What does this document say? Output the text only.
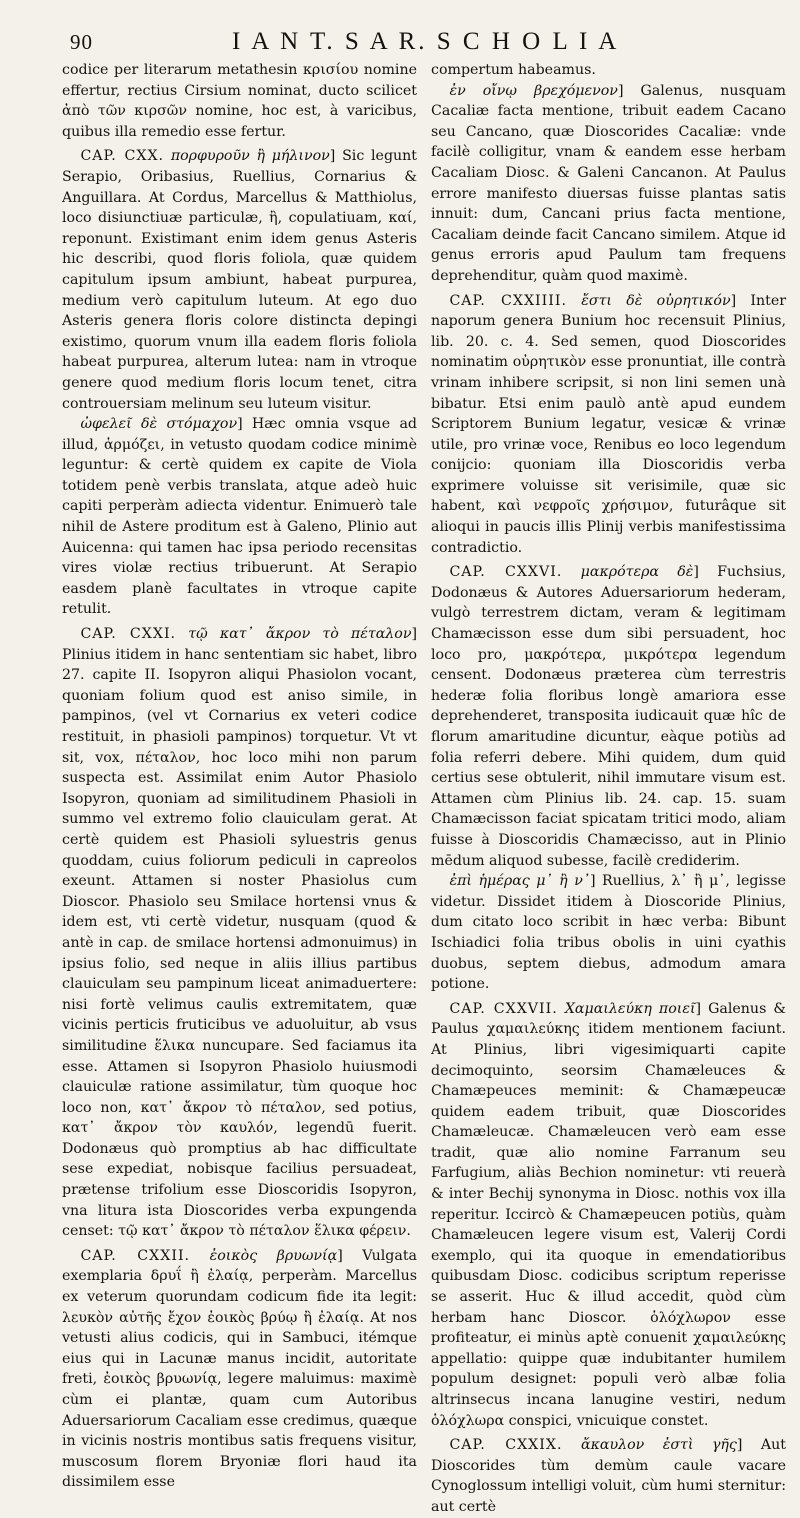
90	I A N T. S A R. S C H O L I A

codice per literarum metathesin κρισίου nomine effertur, rectius Cirsium nominat, ducto scilicet ἀπὸ τῶν κιρσῶν nomine, hoc est, à varicibus, quibus illa remedio esse fertur.

CAP. CXX. πορφυροῦν ἢ μήλινον] Sic legunt Serapio, Oribasius, Ruellius, Cornarius & Anguillara. At Cordus, Marcellus & Matthiolus, loco disiunctiuæ particulæ, ἢ, copulatiuam, καί, reponunt. Existimant enim idem genus Asteris hic describi, quod floris foliola, quæ quidem capitulum ipsum ambiunt, habeat purpurea, medium verò capitulum luteum. At ego duo Asteris genera floris colore distincta depingi existimo, quorum vnum illa eadem floris foliola habeat purpurea, alterum lutea: nam in vtroque genere quod medium floris locum tenet, citra controuersiam melinum seu luteum visitur.

ὠφελεῖ δὲ στόμαχον] Hæc omnia vsque ad illud, ἁρμόζει, in vetusto quodam codice minimè leguntur: & certè quidem ex capite de Viola totidem penè verbis translata, atque adeò huic capiti perperàm adiecta videntur. Enimuerò tale nihil de Astere proditum est à Galeno, Plinio aut Auicenna: qui tamen hac ipsa periodo recensitas vires violæ rectius tribuerunt. At Serapio easdem planè facultates in vtroque capite retulit.

CAP. CXXI. τῷ κατ᾽ ἄκρον τὸ πέταλον] Plinius itidem in hanc sententiam sic habet, libro 27. capite II. Isopyron aliqui Phasiolon vocant, quoniam folium quod est aniso simile, in pampinos, (vel vt Cornarius ex veteri codice restituit, in phasioli pampinos) torquetur. Vt vt sit, vox, πέταλον, hoc loco mihi non parum suspecta est. Assimilat enim Autor Phasiolo Isopyron, quoniam ad similitudinem Phasioli in summo vel extremo folio clauiculam gerat. At certè quidem est Phasioli syluestris genus quoddam, cuius foliorum pediculi in capreolos exeunt. Attamen si noster Phasiolus cum Dioscor. Phasiolo seu Smilace hortensi vnus & idem est, vti certè videtur, nusquam (quod & antè in cap. de smilace hortensi admonuimus) in ipsius folio, sed neque in aliis illius partibus clauiculam seu pampinum liceat animaduertere: nisi fortè velimus caulis extremitatem, quæ vicinis perticis fruticibus ve aduoluitur, ab vsus similitudine ἕλικα nuncupare. Sed faciamus ita esse. Attamen si Isopyron Phasiolo huiusmodi clauiculæ ratione assimilatur, tùm quoque hoc loco non, κατ᾽ ἄκρον τὸ πέταλον, sed potius, κατ᾽ ἄκρον τὸν καυλόν, legendū fuerit. Dodonæus quò promptius ab hac difficultate sese expediat, nobisque facilius persuadeat, prætense trifolium esse Dioscoridis Isopyron, vna litura ista Dioscorides verba expungenda censet: τῷ κατ᾽ ἄκρον τὸ πέταλον ἕλικα φέρειν.

CAP. CXXII. ἐοικὸς βρυωνίᾳ] Vulgata exemplaria δρυΐ ἢ ἐλαίᾳ, perperàm. Marcellus ex veterum quorundam codicum fide ita legit: λευκὸν αὐτῆς ἔχον ἐοικὸς βρύῳ ἢ ἐλαίᾳ. At nos vetusti alius codicis, qui in Sambuci, itémque eius qui in Lacunæ manus incidit, autoritate freti, ἐοικὸς βρυωνίᾳ, legere maluimus: maximè cùm ei plantæ, quam cum Autoribus Aduersariorum Cacaliam esse credimus, quæque in vicinis nostris montibus satis frequens visitur, muscosum florem Bryoniæ flori haud ita dissimilem esse

compertum habeamus.

ἐν οἴνῳ βρεχόμενον] Galenus, nusquam Cacaliæ facta mentione, tribuit eadem Cacano seu Cancano, quæ Dioscorides Cacaliæ: vnde facilè colligitur, vnam & eandem esse herbam Cacaliam Diosc. & Galeni Cancanon. At Paulus errore manifesto diuersas fuisse plantas satis innuit: dum, Cancani prius facta mentione, Cacaliam deinde facit Cancano similem. Atque id genus erroris apud Paulum tam frequens deprehenditur, quàm quod maximè.

CAP. CXXIIII. ἔστι δὲ οὐρητικόν] Inter naporum genera Bunium hoc recensuit Plinius, lib. 20. c. 4. Sed semen, quod Dioscorides nominatim οὐρητικὸν esse pronuntiat, ille contrà vrinam inhibere scripsit, si non lini semen unà bibatur. Etsi enim paulò antè apud eundem Scriptorem Bunium legatur, vesicæ & vrinæ utile, pro vrinæ voce, Renibus eo loco legendum conijcio: quoniam illa Dioscoridis verba exprimere voluisse sit verisimile, quæ sic habent, καὶ νεφροῖς χρήσιμον, futurâque sit alioqui in paucis illis Plinij verbis manifestissima contradictio.

CAP. CXXVI. μακρότερα δὲ] Fuchsius, Dodonæus & Autores Aduersariorum hederam, vulgò terrestrem dictam, veram & legitimam Chamæcisson esse dum sibi persuadent, hoc loco pro, μακρότερα, μικρότερα legendum censent. Dodonæus præterea cùm terrestris hederæ folia floribus longè amariora esse deprehenderet, transposita iudicauit quæ hîc de florum amaritudine dicuntur, eàque potiùs ad folia referri debere. Mihi quidem, dum quid certius sese obtulerit, nihil immutare visum est. Attamen cùm Plinius lib. 24. cap. 15. suam Chamæcisson faciat spicatam tritici modo, aliam fuisse à Dioscoridis Chamæcisso, aut in Plinio mēdum aliquod subesse, facilè crediderim.

ἐπὶ ἡμέρας μ᾽ ἢ ν᾽] Ruellius, λ᾽ ἢ μ᾽, legisse videtur. Dissidet itidem à Dioscoride Plinius, dum citato loco scribit in hæc verba: Bibunt Ischiadici folia tribus obolis in uini cyathis duobus, septem diebus, admodum amara potione.

CAP. CXXVII. Χαμαιλεύκη ποιεῖ] Galenus & Paulus χαμαιλεύκης itidem mentionem faciunt. At Plinius, libri vigesimiquarti capite decimoquinto, seorsim Chamæleuces & Chamæpeuces meminit: & Chamæpeucæ quidem eadem tribuit, quæ Dioscorides Chamæleucæ. Chamæleucen verò eam esse tradit, quæ alio nomine Farranum seu Farfugium, aliàs Bechion nominetur: vti reuerà & inter Bechij synonyma in Diosc. nothis vox illa reperitur. Iccircò & Chamæpeucen potiùs, quàm Chamæleucen legere visum est, Valerij Cordi exemplo, qui ita quoque in emendatioribus quibusdam Diosc. codicibus scriptum reperisse se asserit. Huc & illud accedit, quòd cùm herbam hanc Dioscor. ὁλόχλωρον esse profiteatur, ei minùs aptè conuenit χαμαιλεύκης appellatio: quippe quæ indubitanter humilem populum designet: populi verò albæ folia altrinsecus incana lanugine vestiri, nedum ὁλόχλωρα conspici, vnicuique constet.

CAP. CXXIX. ἄκαυλον ἐστὶ γῆς] Aut Dioscorides tùm demùm caule vacare Cynoglossum intelligi voluit, cùm humi sternitur: aut certè
